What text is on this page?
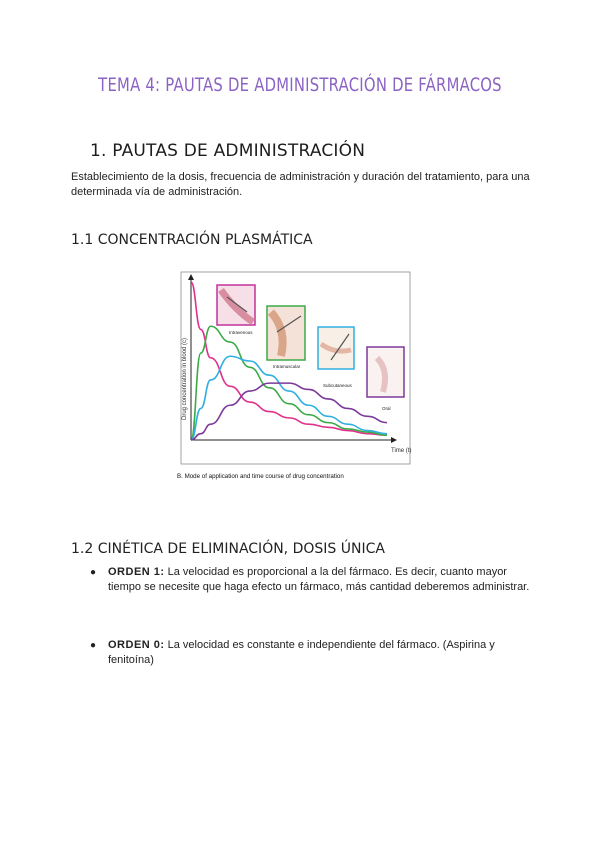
TEMA 4: PAUTAS DE ADMINISTRACIÓN DE FÁRMACOS
1. PAUTAS DE ADMINISTRACIÓN
Establecimiento de la dosis, frecuencia de administración y duración del tratamiento, para una determinada vía de administración.
1.1 CONCENTRACIÓN PLASMÁTICA
Drug concentration in blood (c)
Time (t)
Intravenous
Intramuscular
Subcutaneous
Oral
B. Mode of application and time course of drug concentration
1.2 CINÉTICA DE ELIMINACIÓN, DOSIS ÚNICA
● ORDEN 1: La velocidad es proporcional a la del fármaco. Es decir, cuanto mayor tiempo se necesite que haga efecto un fármaco, más cantidad deberemos administrar.
● ORDEN 0: La velocidad es constante e independiente del fármaco. (Aspirina y fenitoína)
